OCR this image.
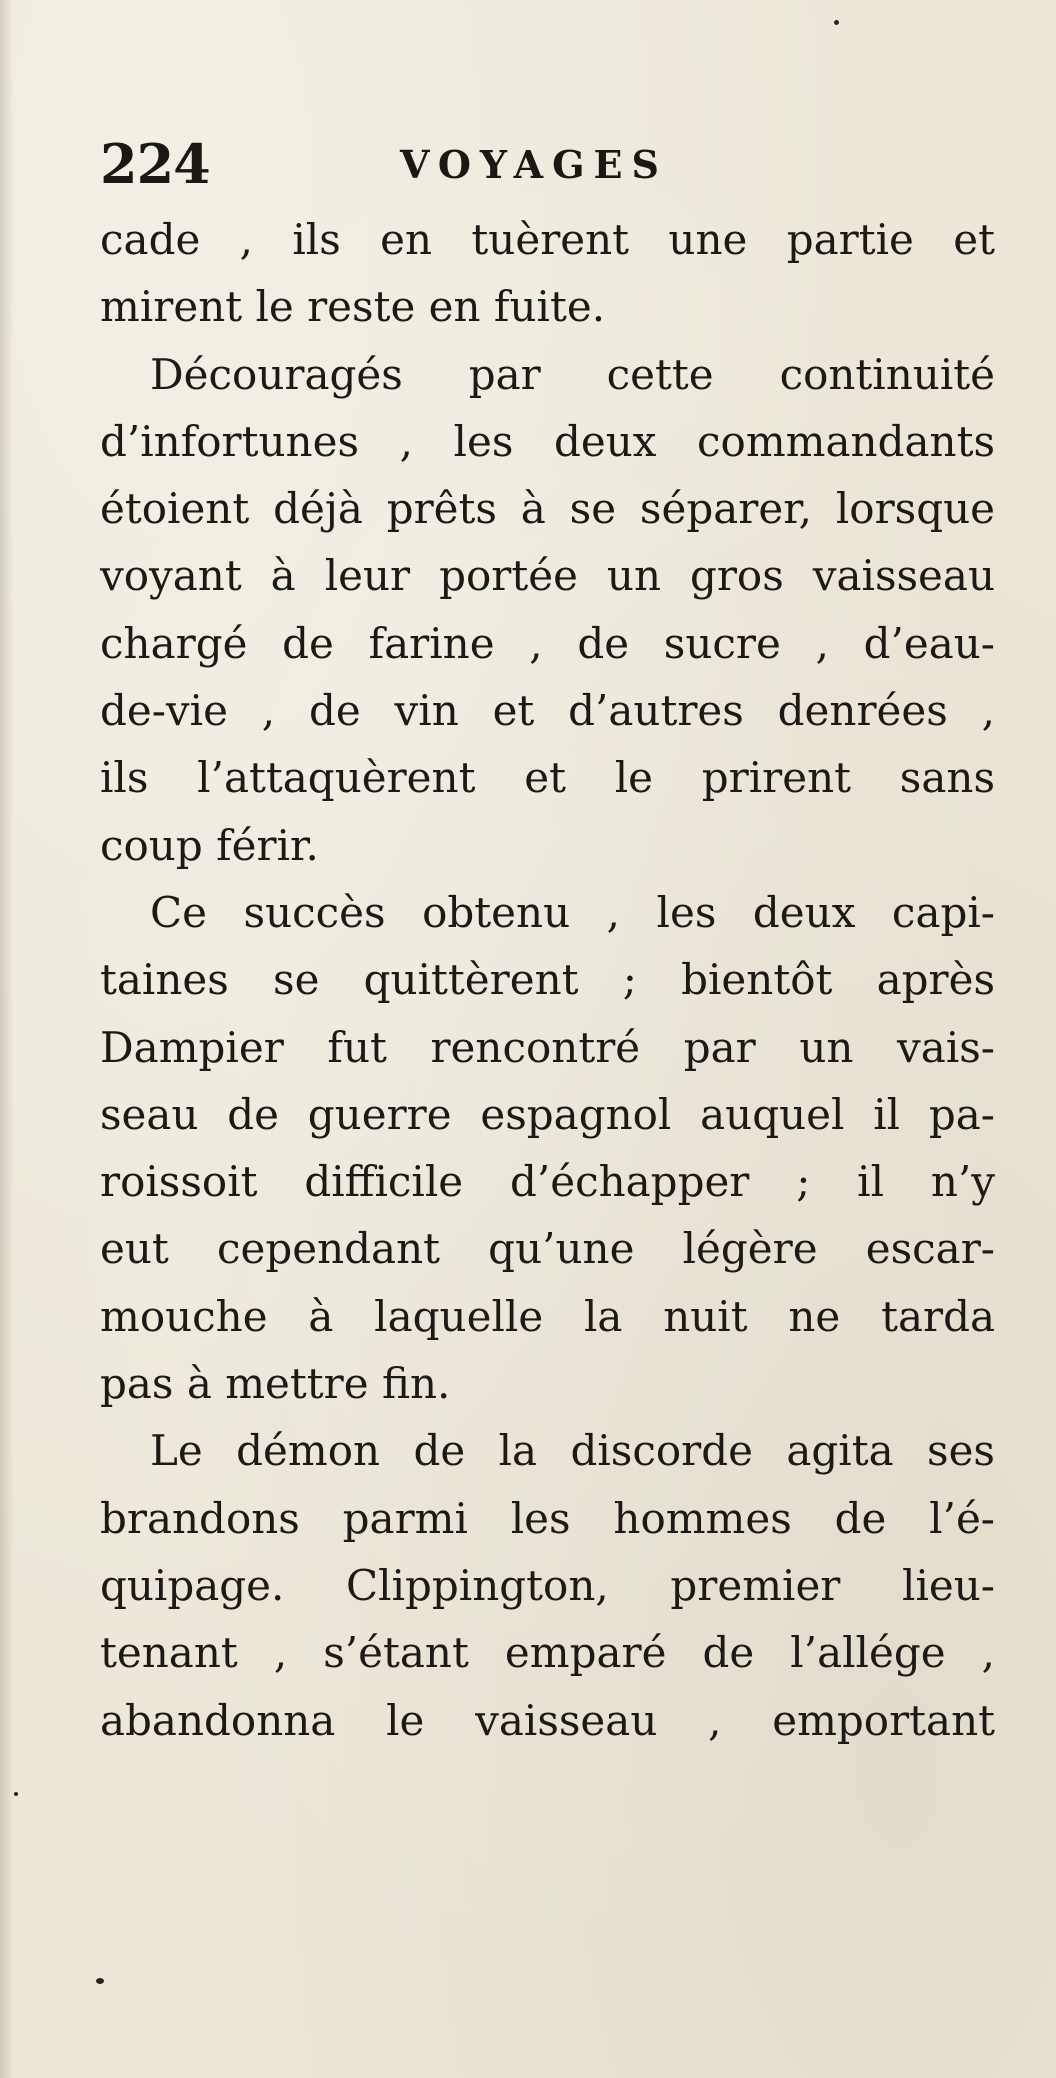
224	VOYAGES
cade , ils en tuèrent une partie et
mirent le reste en fuite.
Découragés par cette continuité
d’infortunes , les deux commandants
étoient déjà prêts à se séparer, lorsque
voyant à leur portée un gros vaisseau
chargé de farine , de sucre , d’eau-
de-vie , de vin et d’autres denrées ,
ils l’attaquèrent et le prirent sans
coup férir.
Ce succès obtenu , les deux capi-
taines se quittèrent ; bientôt après
Dampier fut rencontré par un vais-
seau de guerre espagnol auquel il pa-
roissoit difficile d’échapper ; il n’y
eut cependant qu’une légère escar-
mouche à laquelle la nuit ne tarda
pas à mettre fin.
Le démon de la discorde agita ses
brandons parmi les hommes de l’é-
quipage. Clippington, premier lieu-
tenant , s’étant emparé de l’allége ,
abandonna le vaisseau , emportant
